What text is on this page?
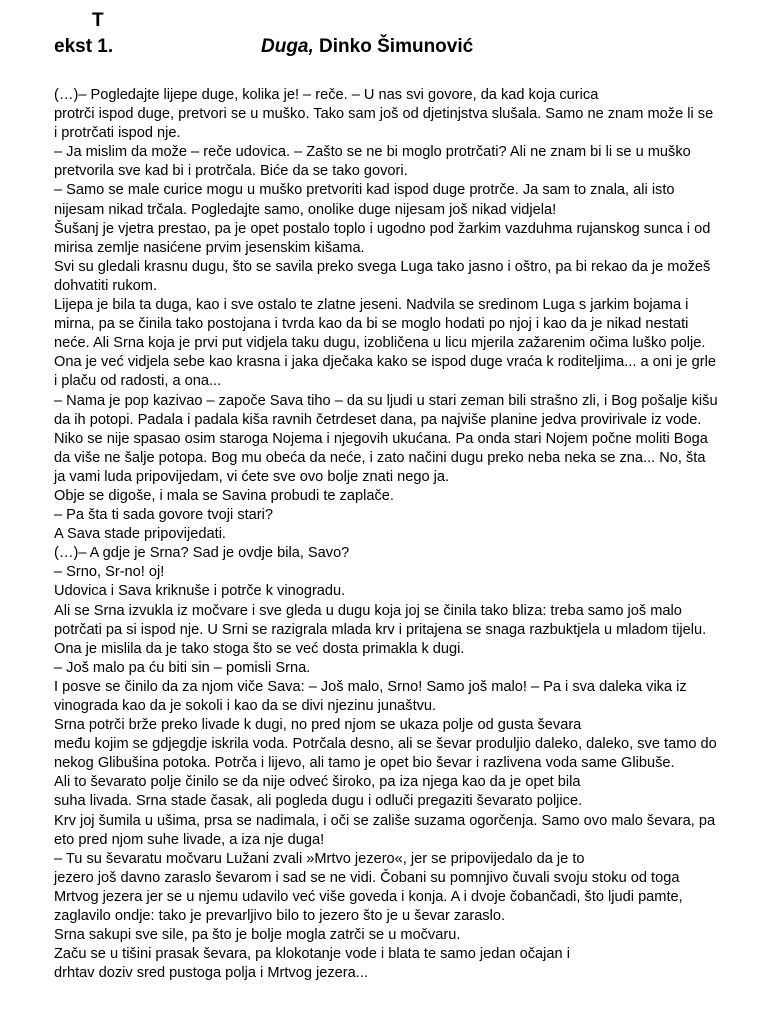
T
ekst 1.	Duga, Dinko Šimunović
(…)– Pogledajte lijepe duge, kolika je! – reče. – U nas svi govore, da kad koja curica
protrči ispod duge, pretvori se u muško. Tako sam još od djetinjstva slušala. Samo ne znam može li se
i protrčati ispod nje.
– Ja mislim da može – reče udovica. – Zašto se ne bi moglo protrčati? Ali ne znam bi li se u muško
pretvorila sve kad bi i protrčala. Biće da se tako govori.
– Samo se male curice mogu u muško pretvoriti kad ispod duge protrče. Ja sam to znala, ali isto
nijesam nikad trčala. Pogledajte samo, onolike duge nijesam još nikad vidjela!
Šušanj je vjetra prestao, pa je opet postalo toplo i ugodno pod žarkim vazduhma rujanskog sunca i od
mirisa zemlje nasićene prvim jesenskim kišama.
Svi su gledali krasnu dugu, što se savila preko svega Luga tako jasno i oštro, pa bi rekao da je možeš
dohvatiti rukom.
Lijepa je bila ta duga, kao i sve ostalo te zlatne jeseni. Nadvila se sredinom Luga s jarkim bojama i
mirna, pa se činila tako postojana i tvrda kao da bi se moglo hodati po njoj i kao da je nikad nestati
neće. Ali Srna koja je prvi put vidjela taku dugu, izobličena u licu mjerila zažarenim očima luško polje.
Ona je već vidjela sebe kao krasna i jaka dječaka kako se ispod duge vraća k roditeljima... a oni je grle
i plaču od radosti, a ona...
– Nama je pop kazivao – započe Sava tiho – da su ljudi u stari zeman bili strašno zli, i Bog pošalje kišu
da ih potopi. Padala i padala kiša ravnih četrdeset dana, pa najviše planine jedva provirivale iz vode.
Niko se nije spasao osim staroga Nojema i njegovih ukućana. Pa onda stari Nojem počne moliti Boga
da više ne šalje potopa. Bog mu obeća da neće, i zato načini dugu preko neba neka se zna... No, šta
ja vami luda pripovijedam, vi ćete sve ovo bolje znati nego ja.
Obje se digoše, i mala se Savina probudi te zaplače.
– Pa šta ti sada govore tvoji stari?
A Sava stade pripovijedati.
(…)– A gdje je Srna? Sad je ovdje bila, Savo?
– Srno, Sr-no! oj!
Udovica i Sava kriknuše i potrče k vinogradu.
Ali se Srna izvukla iz močvare i sve gleda u dugu koja joj se činila tako bliza: treba samo još malo
potrčati pa si ispod nje. U Srni se razigrala mlada krv i pritajena se snaga razbuktjela u mladom tijelu.
Ona je mislila da je tako stoga što se već dosta primakla k dugi.
– Još malo pa ću biti sin – pomisli Srna.
I posve se činilo da za njom viče Sava: – Još malo, Srno! Samo još malo! – Pa i sva daleka vika iz
vinograda kao da je sokoli i kao da se divi njezinu junaštvu.
Srna potrči brže preko livade k dugi, no pred njom se ukaza polje od gusta ševara
među kojim se gdjegdje iskrila voda. Potrčala desno, ali se ševar produljio daleko, daleko, sve tamo do
nekog Glibušina potoka. Potrča i lijevo, ali tamo je opet bio ševar i razlivena voda same Glibuše.
Ali to ševarato polje činilo se da nije odveć široko, pa iza njega kao da je opet bila
suha livada. Srna stade časak, ali pogleda dugu i odluči pregaziti ševarato poljice.
Krv joj šumila u ušima, prsa se nadimala, i oči se zališe suzama ogorčenja. Samo ovo malo ševara, pa
eto pred njom suhe livade, a iza nje duga!
– Tu su ševaratu močvaru Lužani zvali »Mrtvo jezero«, jer se pripovijedalo da je to
jezero još davno zaraslo ševarom i sad se ne vidi. Čobani su pomnjivo čuvali svoju stoku od toga
Mrtvog jezera jer se u njemu udavilo već više goveda i konja. A i dvoje čobančadi, što ljudi pamte,
zaglavilo ondje: tako je prevarljivo bilo to jezero što je u ševar zaraslo.
Srna sakupi sve sile, pa što je bolje mogla zatrči se u močvaru.
Začu se u tišini prasak ševara, pa klokotanje vode i blata te samo jedan očajan i
drhtav doziv sred pustoga polja i Mrtvog jezera...
